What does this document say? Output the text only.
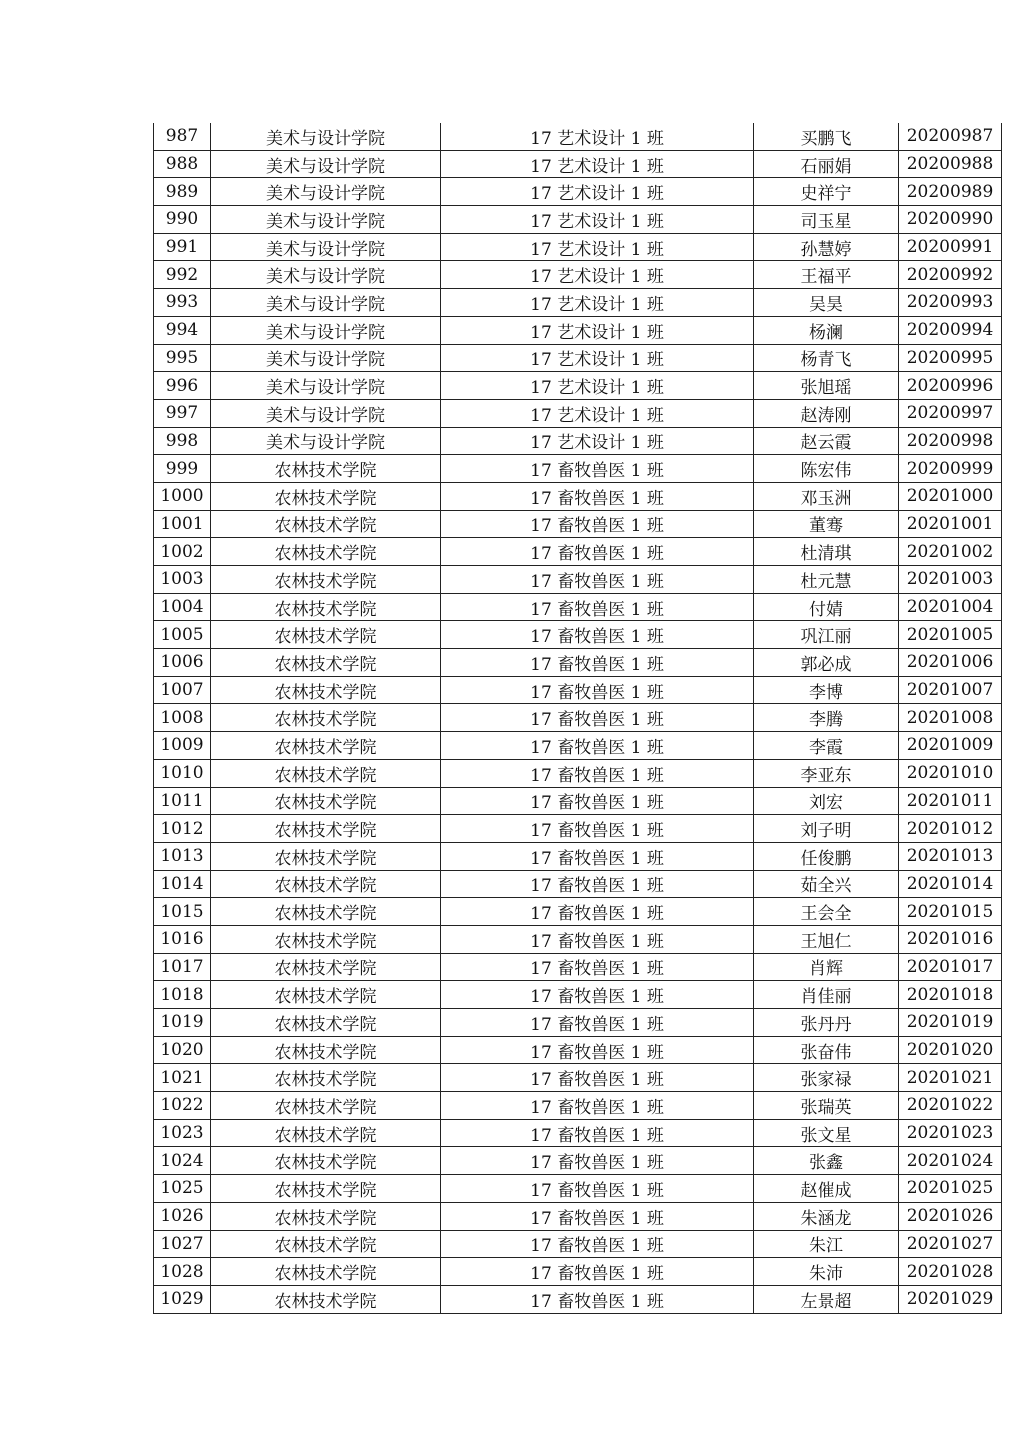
987	美术与设计学院	17 艺术设计 1 班	买鹏飞	20200987
988	美术与设计学院	17 艺术设计 1 班	石丽娟	20200988
989	美术与设计学院	17 艺术设计 1 班	史祥宁	20200989
990	美术与设计学院	17 艺术设计 1 班	司玉星	20200990
991	美术与设计学院	17 艺术设计 1 班	孙慧婷	20200991
992	美术与设计学院	17 艺术设计 1 班	王福平	20200992
993	美术与设计学院	17 艺术设计 1 班	吴昊	20200993
994	美术与设计学院	17 艺术设计 1 班	杨澜	20200994
995	美术与设计学院	17 艺术设计 1 班	杨青飞	20200995
996	美术与设计学院	17 艺术设计 1 班	张旭瑶	20200996
997	美术与设计学院	17 艺术设计 1 班	赵涛刚	20200997
998	美术与设计学院	17 艺术设计 1 班	赵云霞	20200998
999	农林技术学院	17 畜牧兽医 1 班	陈宏伟	20200999
1000	农林技术学院	17 畜牧兽医 1 班	邓玉洲	20201000
1001	农林技术学院	17 畜牧兽医 1 班	董骞	20201001
1002	农林技术学院	17 畜牧兽医 1 班	杜清琪	20201002
1003	农林技术学院	17 畜牧兽医 1 班	杜元慧	20201003
1004	农林技术学院	17 畜牧兽医 1 班	付婧	20201004
1005	农林技术学院	17 畜牧兽医 1 班	巩江丽	20201005
1006	农林技术学院	17 畜牧兽医 1 班	郭必成	20201006
1007	农林技术学院	17 畜牧兽医 1 班	李博	20201007
1008	农林技术学院	17 畜牧兽医 1 班	李腾	20201008
1009	农林技术学院	17 畜牧兽医 1 班	李霞	20201009
1010	农林技术学院	17 畜牧兽医 1 班	李亚东	20201010
1011	农林技术学院	17 畜牧兽医 1 班	刘宏	20201011
1012	农林技术学院	17 畜牧兽医 1 班	刘子明	20201012
1013	农林技术学院	17 畜牧兽医 1 班	任俊鹏	20201013
1014	农林技术学院	17 畜牧兽医 1 班	茹全兴	20201014
1015	农林技术学院	17 畜牧兽医 1 班	王会全	20201015
1016	农林技术学院	17 畜牧兽医 1 班	王旭仁	20201016
1017	农林技术学院	17 畜牧兽医 1 班	肖辉	20201017
1018	农林技术学院	17 畜牧兽医 1 班	肖佳丽	20201018
1019	农林技术学院	17 畜牧兽医 1 班	张丹丹	20201019
1020	农林技术学院	17 畜牧兽医 1 班	张奋伟	20201020
1021	农林技术学院	17 畜牧兽医 1 班	张家禄	20201021
1022	农林技术学院	17 畜牧兽医 1 班	张瑞英	20201022
1023	农林技术学院	17 畜牧兽医 1 班	张文星	20201023
1024	农林技术学院	17 畜牧兽医 1 班	张鑫	20201024
1025	农林技术学院	17 畜牧兽医 1 班	赵催成	20201025
1026	农林技术学院	17 畜牧兽医 1 班	朱涵龙	20201026
1027	农林技术学院	17 畜牧兽医 1 班	朱江	20201027
1028	农林技术学院	17 畜牧兽医 1 班	朱沛	20201028
1029	农林技术学院	17 畜牧兽医 1 班	左景超	20201029
